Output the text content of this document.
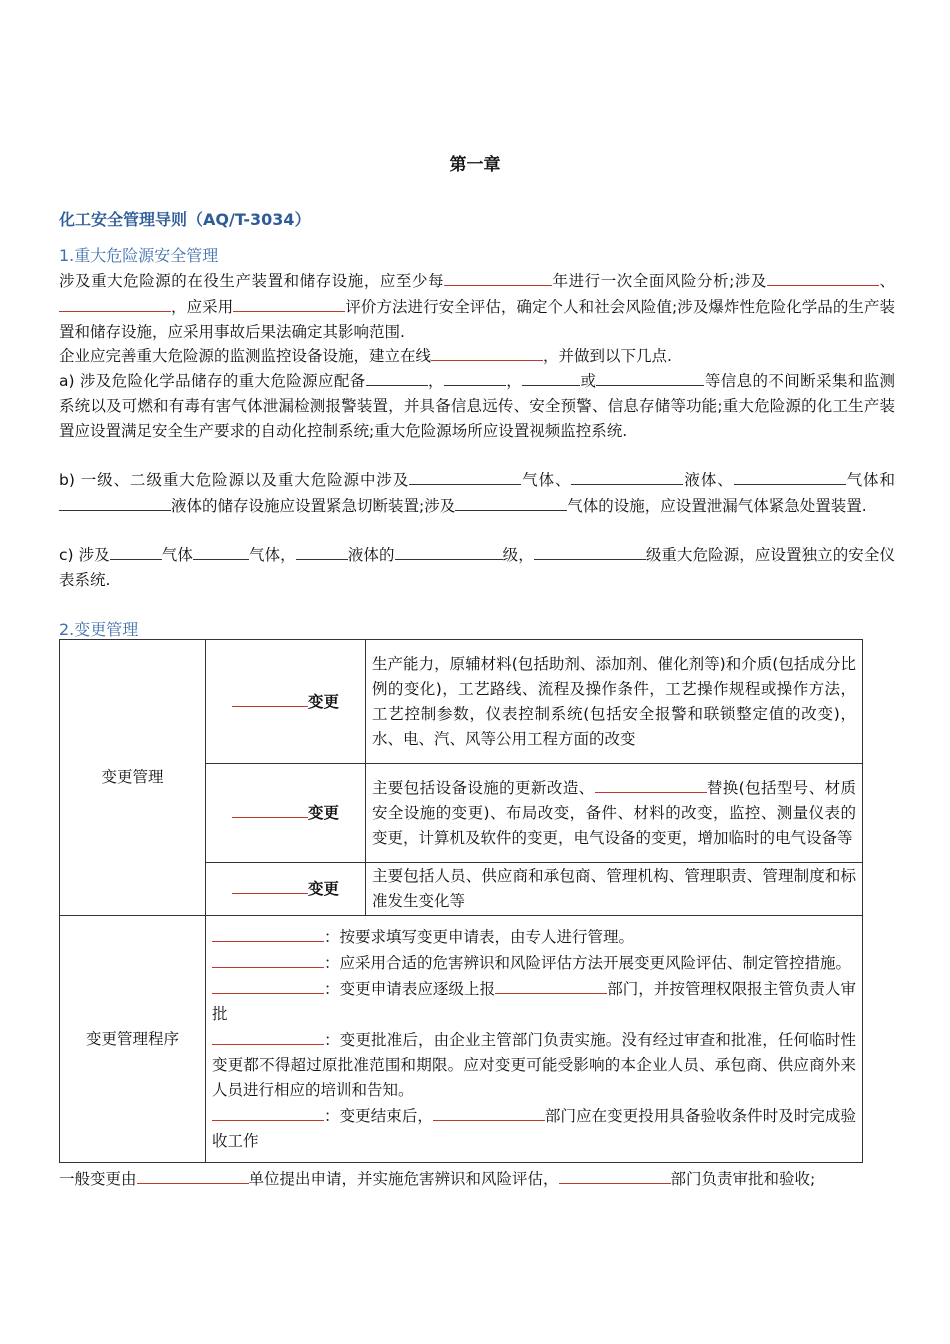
第一章
化工安全管理导则（AQ/T-3034）
1.重大危险源安全管理
涉及重大危险源的在役生产装置和储存设施，应至少每	年进行一次全面风险分析;涉及	、，应采用	评价方法进行安全评估，确定个人和社会风险值;涉及爆炸性危险化学品的生产装置和储存设施，应采用事故后果法确定其影响范围.
企业应完善重大危险源的监测监控设备设施，建立在线	，并做到以下几点.
a) 涉及危险化学品储存的重大危险源应配备	，	，	或	等信息的不间断采集和监测系统以及可燃和有毒有害气体泄漏检测报警装置，并具备信息远传、安全预警、信息存储等功能;重大危险源的化工生产装置应设置满足安全生产要求的自动化控制系统;重大危险源场所应设置视频监控系统.
b) 一级、二级重大危险源以及重大危险源中涉及	气体、	液体、	气体和液体的储存设施应设置紧急切断装置;涉及	气体的设施，应设置泄漏气体紧急处置装置.
c) 涉及	气体	气体，	液体的	级，	级重大危险源，应设置独立的安全仪表系统.
2.变更管理
变更管理	变更	生产能力，原辅材料(包括助剂、添加剂、催化剂等)和介质(包括成分比例的变化)，工艺路线、流程及操作条件，工艺操作规程或操作方法，工艺控制参数，仪表控制系统(包括安全报警和联锁整定值的改变)，水、电、汽、风等公用工程方面的改变
	变更	主要包括设备设施的更新改造、 替换(包括型号、材质安全设施的变更)、布局改变，备件、材料的改变，监控、测量仪表的变更，计算机及软件的变更，电气设备的变更，增加临时的电气设备等
	变更	主要包括人员、供应商和承包商、管理机构、管理职责、管理制度和标准发生变化等
变更管理程序	：按要求填写变更申请表，由专人进行管理。
：应采用合适的危害辨识和风险评估方法开展变更风险评估、制定管控措施。
：变更申请表应逐级上报 部门，并按管理权限报主管负责人审批
：变更批准后，由企业主管部门负责实施。没有经过审查和批准，任何临时性变更都不得超过原批准范围和期限。应对变更可能受影响的本企业人员、承包商、供应商外来人员进行相应的培训和告知。
：变更结束后， 部门应在变更投用具备验收条件时及时完成验收工作	
一般变更由	单位提出申请，并实施危害辨识和风险评估，	部门负责审批和验收;
